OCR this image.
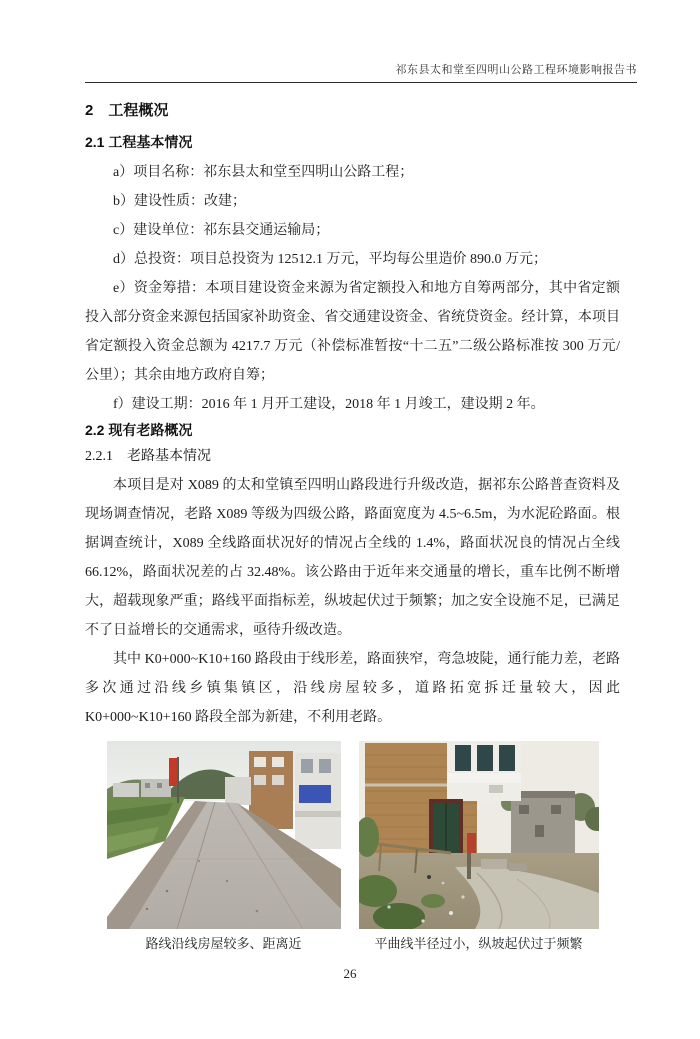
祁东县太和堂至四明山公路工程环境影响报告书
2　工程概况
2.1 工程基本情况

a）项目名称：祁东县太和堂至四明山公路工程；

b）建设性质：改建；

c）建设单位：祁东县交通运输局；

d）总投资：项目总投资为 12512.1 万元，平均每公里造价 890.0 万元；

e）资金筹措：本项目建设资金来源为省定额投入和地方自筹两部分，其中省定额投入部分资金来源包括国家补助资金、省交通建设资金、省统贷资金。经计算，本项目省定额投入资金总额为 4217.7 万元（补偿标准暂按“十二五”二级公路标准按 300 万元/公里）；其余由地方政府自筹；

f）建设工期：2016 年 1 月开工建设，2018 年 1 月竣工，建设期 2 年。

2.2 现有老路概况
2.2.1　老路基本情况

本项目是对 X089 的太和堂镇至四明山路段进行升级改造，据祁东公路普查资料及现场调查情况，老路 X089 等级为四级公路，路面宽度为 4.5~6.5m，为水泥砼路面。根据调查统计，X089 全线路面状况好的情况占全线的 1.4%，路面状况良的情况占全线 66.12%，路面状况差的占 32.48%。该公路由于近年来交通量的增长，重车比例不断增大，超载现象严重；路线平面指标差，纵坡起伏过于频繁；加之安全设施不足，已满足不了日益增长的交通需求，亟待升级改造。

其中 K0+000~K10+160 路段由于线形差，路面狭窄，弯急坡陡，通行能力差，老路多次通过沿线乡镇集镇区，沿线房屋较多，道路拓宽拆迁量较大，因此 K0+000~K10+160 路段全部为新建，不利用老路。

路线沿线房屋较多、距离近	平曲线半径过小，纵坡起伏过于频繁
26
